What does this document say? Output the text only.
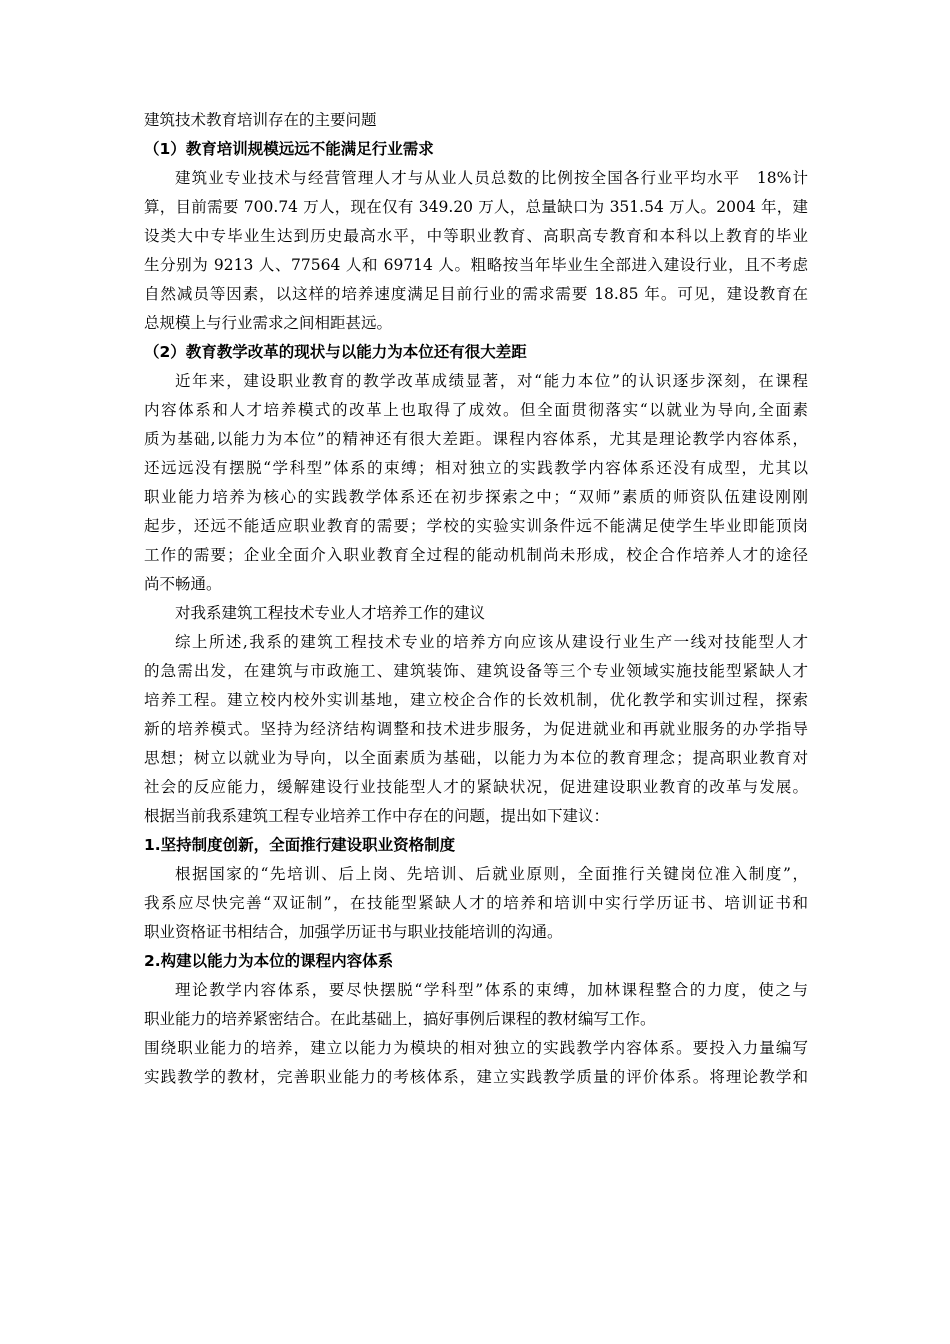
建筑技术教育培训存在的主要问题
（1）教育培训规模远远不能满足行业需求
建筑业专业技术与经营管理人才与从业人员总数的比例按全国各行业平均水平　18%计
算，目前需要 700.74 万人，现在仅有 349.20 万人，总量缺口为 351.54 万人。2004 年，建
设类大中专毕业生达到历史最高水平，中等职业教育、高职高专教育和本科以上教育的毕业
生分别为 9213 人、77564 人和 69714 人。粗略按当年毕业生全部进入建设行业，且不考虑
自然减员等因素，以这样的培养速度满足目前行业的需求需要 18.85 年。可见，建设教育在
总规模上与行业需求之间相距甚远。
（2）教育教学改革的现状与以能力为本位还有很大差距
近年来，建设职业教育的教学改革成绩显著，对“能力本位”的认识逐步深刻，在课程
内容体系和人才培养模式的改革上也取得了成效。但全面贯彻落实“以就业为导向,全面素
质为基础,以能力为本位”的精神还有很大差距。课程内容体系，尤其是理论教学内容体系，
还远远没有摆脱“学科型”体系的束缚；相对独立的实践教学内容体系还没有成型，尤其以
职业能力培养为核心的实践教学体系还在初步探索之中；“双师”素质的师资队伍建设刚刚
起步，还远不能适应职业教育的需要；学校的实验实训条件远不能满足使学生毕业即能顶岗
工作的需要；企业全面介入职业教育全过程的能动机制尚未形成，校企合作培养人才的途径
尚不畅通。
对我系建筑工程技术专业人才培养工作的建议
综上所述,我系的建筑工程技术专业的培养方向应该从建设行业生产一线对技能型人才
的急需出发，在建筑与市政施工、建筑装饰、建筑设备等三个专业领域实施技能型紧缺人才
培养工程。建立校内校外实训基地，建立校企合作的长效机制，优化教学和实训过程，探索
新的培养模式。坚持为经济结构调整和技术进步服务，为促进就业和再就业服务的办学指导
思想；树立以就业为导向，以全面素质为基础，以能力为本位的教育理念；提高职业教育对
社会的反应能力，缓解建设行业技能型人才的紧缺状况，促进建设职业教育的改革与发展。
根据当前我系建筑工程专业培养工作中存在的问题，提出如下建议：
1.坚持制度创新，全面推行建设职业资格制度
根据国家的“先培训、后上岗、先培训、后就业原则，全面推行关键岗位准入制度”，
我系应尽快完善“双证制”，在技能型紧缺人才的培养和培训中实行学历证书、培训证书和
职业资格证书相结合，加强学历证书与职业技能培训的沟通。
2.构建以能力为本位的课程内容体系
理论教学内容体系，要尽快摆脱“学科型”体系的束缚，加林课程整合的力度，使之与
职业能力的培养紧密结合。在此基础上，搞好事例后课程的教材编写工作。
围绕职业能力的培养，建立以能力为模块的相对独立的实践教学内容体系。要投入力量编写
实践教学的教材，完善职业能力的考核体系，建立实践教学质量的评价体系。将理论教学和
